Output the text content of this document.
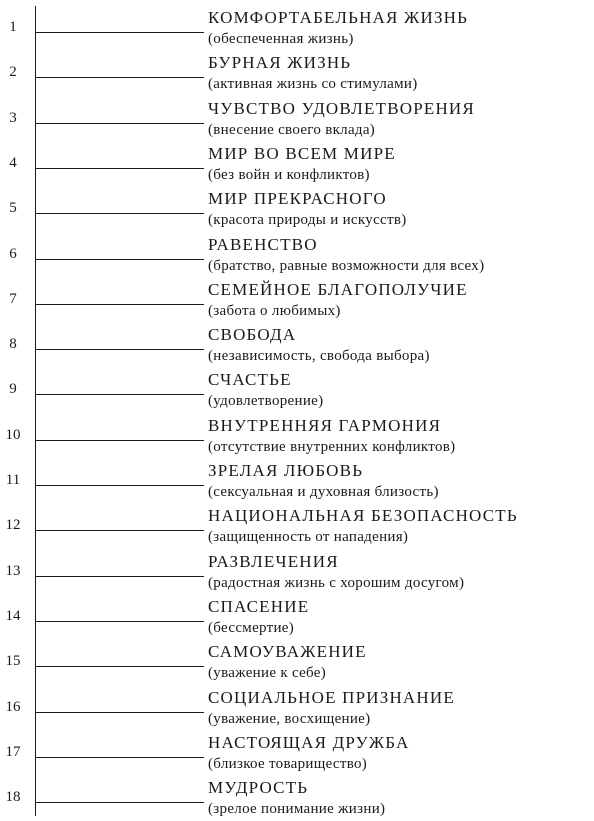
1	КОМФОРТАБЕЛЬНАЯ ЖИЗНЬ
(обеспеченная жизнь)
2	БУРНАЯ ЖИЗНЬ
(активная жизнь со стимулами)
3	ЧУВСТВО УДОВЛЕТВОРЕНИЯ
(внесение своего вклада)
4	МИР ВО ВСЕМ МИРЕ
(без войн и конфликтов)
5	МИР ПРЕКРАСНОГО
(красота природы и искусств)
6	РАВЕНСТВО
(братство, равные возможности для всех)
7	СЕМЕЙНОЕ БЛАГОПОЛУЧИЕ
(забота о любимых)
8	СВОБОДА
(независимость, свобода выбора)
9	СЧАСТЬЕ
(удовлетворение)
10	ВНУТРЕННЯЯ ГАРМОНИЯ
(отсутствие внутренних конфликтов)
11	ЗРЕЛАЯ ЛЮБОВЬ
(сексуальная и духовная близость)
12	НАЦИОНАЛЬНАЯ БЕЗОПАСНОСТЬ
(защищенность от нападения)
13	РАЗВЛЕЧЕНИЯ
(радостная жизнь с хорошим досугом)
14	СПАСЕНИЕ
(бессмертие)
15	САМОУВАЖЕНИЕ
(уважение к себе)
16	СОЦИАЛЬНОЕ ПРИЗНАНИЕ
(уважение, восхищение)
17	НАСТОЯЩАЯ ДРУЖБА
(близкое товарищество)
18	МУДРОСТЬ
(зрелое понимание жизни)
